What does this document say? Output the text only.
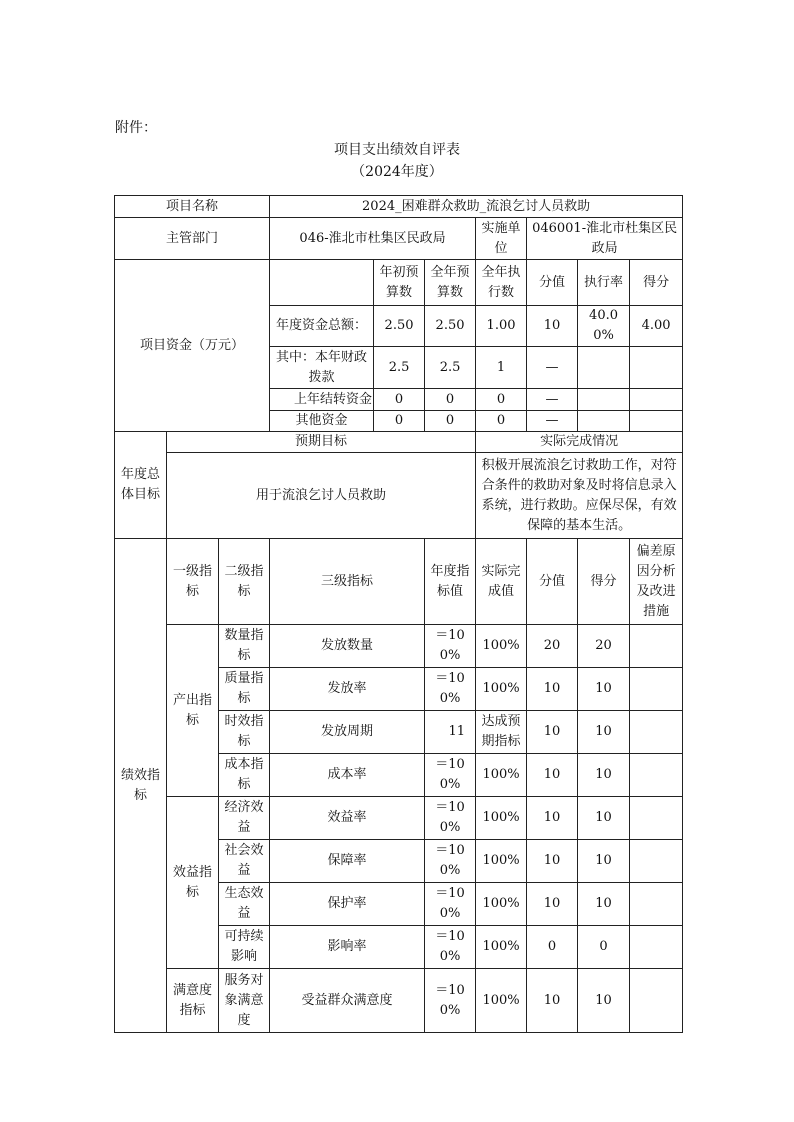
附件：
项目支出绩效自评表
（2024年度）
项目名称			2024_困难群众救助_流浪乞讨人员救助						
主管部门			046-淮北市杜集区民政局			实施单位	046001-淮北市杜集区民政局		
项目资金（万元）				年初预算数	全年预算数	全年执行数	分值	执行率	得分
			年度资金总额：	2.50	2.50	1.00	10	40.00%	4.00
			其中：本年财政拨款	2.5	2.5	1	—		
			上年结转资金	0	0	0	—		
			其他资金	0	0	0	—		
年度总体目标	预期目标					实际完成情况			
	用于流浪乞讨人员救助					积极开展流浪乞讨救助工作，对符合条件的救助对象及时将信息录入系统，进行救助。应保尽保，有效保障的基本生活。			
绩效指标	一级指标	二级指标	三级指标		年度指标值	实际完成值	分值	得分	偏差原因分析及改进措施
	产出指标	数量指标	发放数量		＝100%	100%	20	20	
		质量指标	发放率		＝100%	100%	10	10	
		时效指标	发放周期		11	达成预期指标	10	10	
		成本指标	成本率		＝100%	100%	10	10	
	效益指标	经济效益	效益率		＝100%	100%	10	10	
		社会效益	保障率		＝100%	100%	10	10	
		生态效益	保护率		＝100%	100%	10	10	
		可持续影响	影响率		＝100%	100%	0	0	
	满意度指标	服务对象满意度	受益群众满意度		＝100%	100%	10	10	
